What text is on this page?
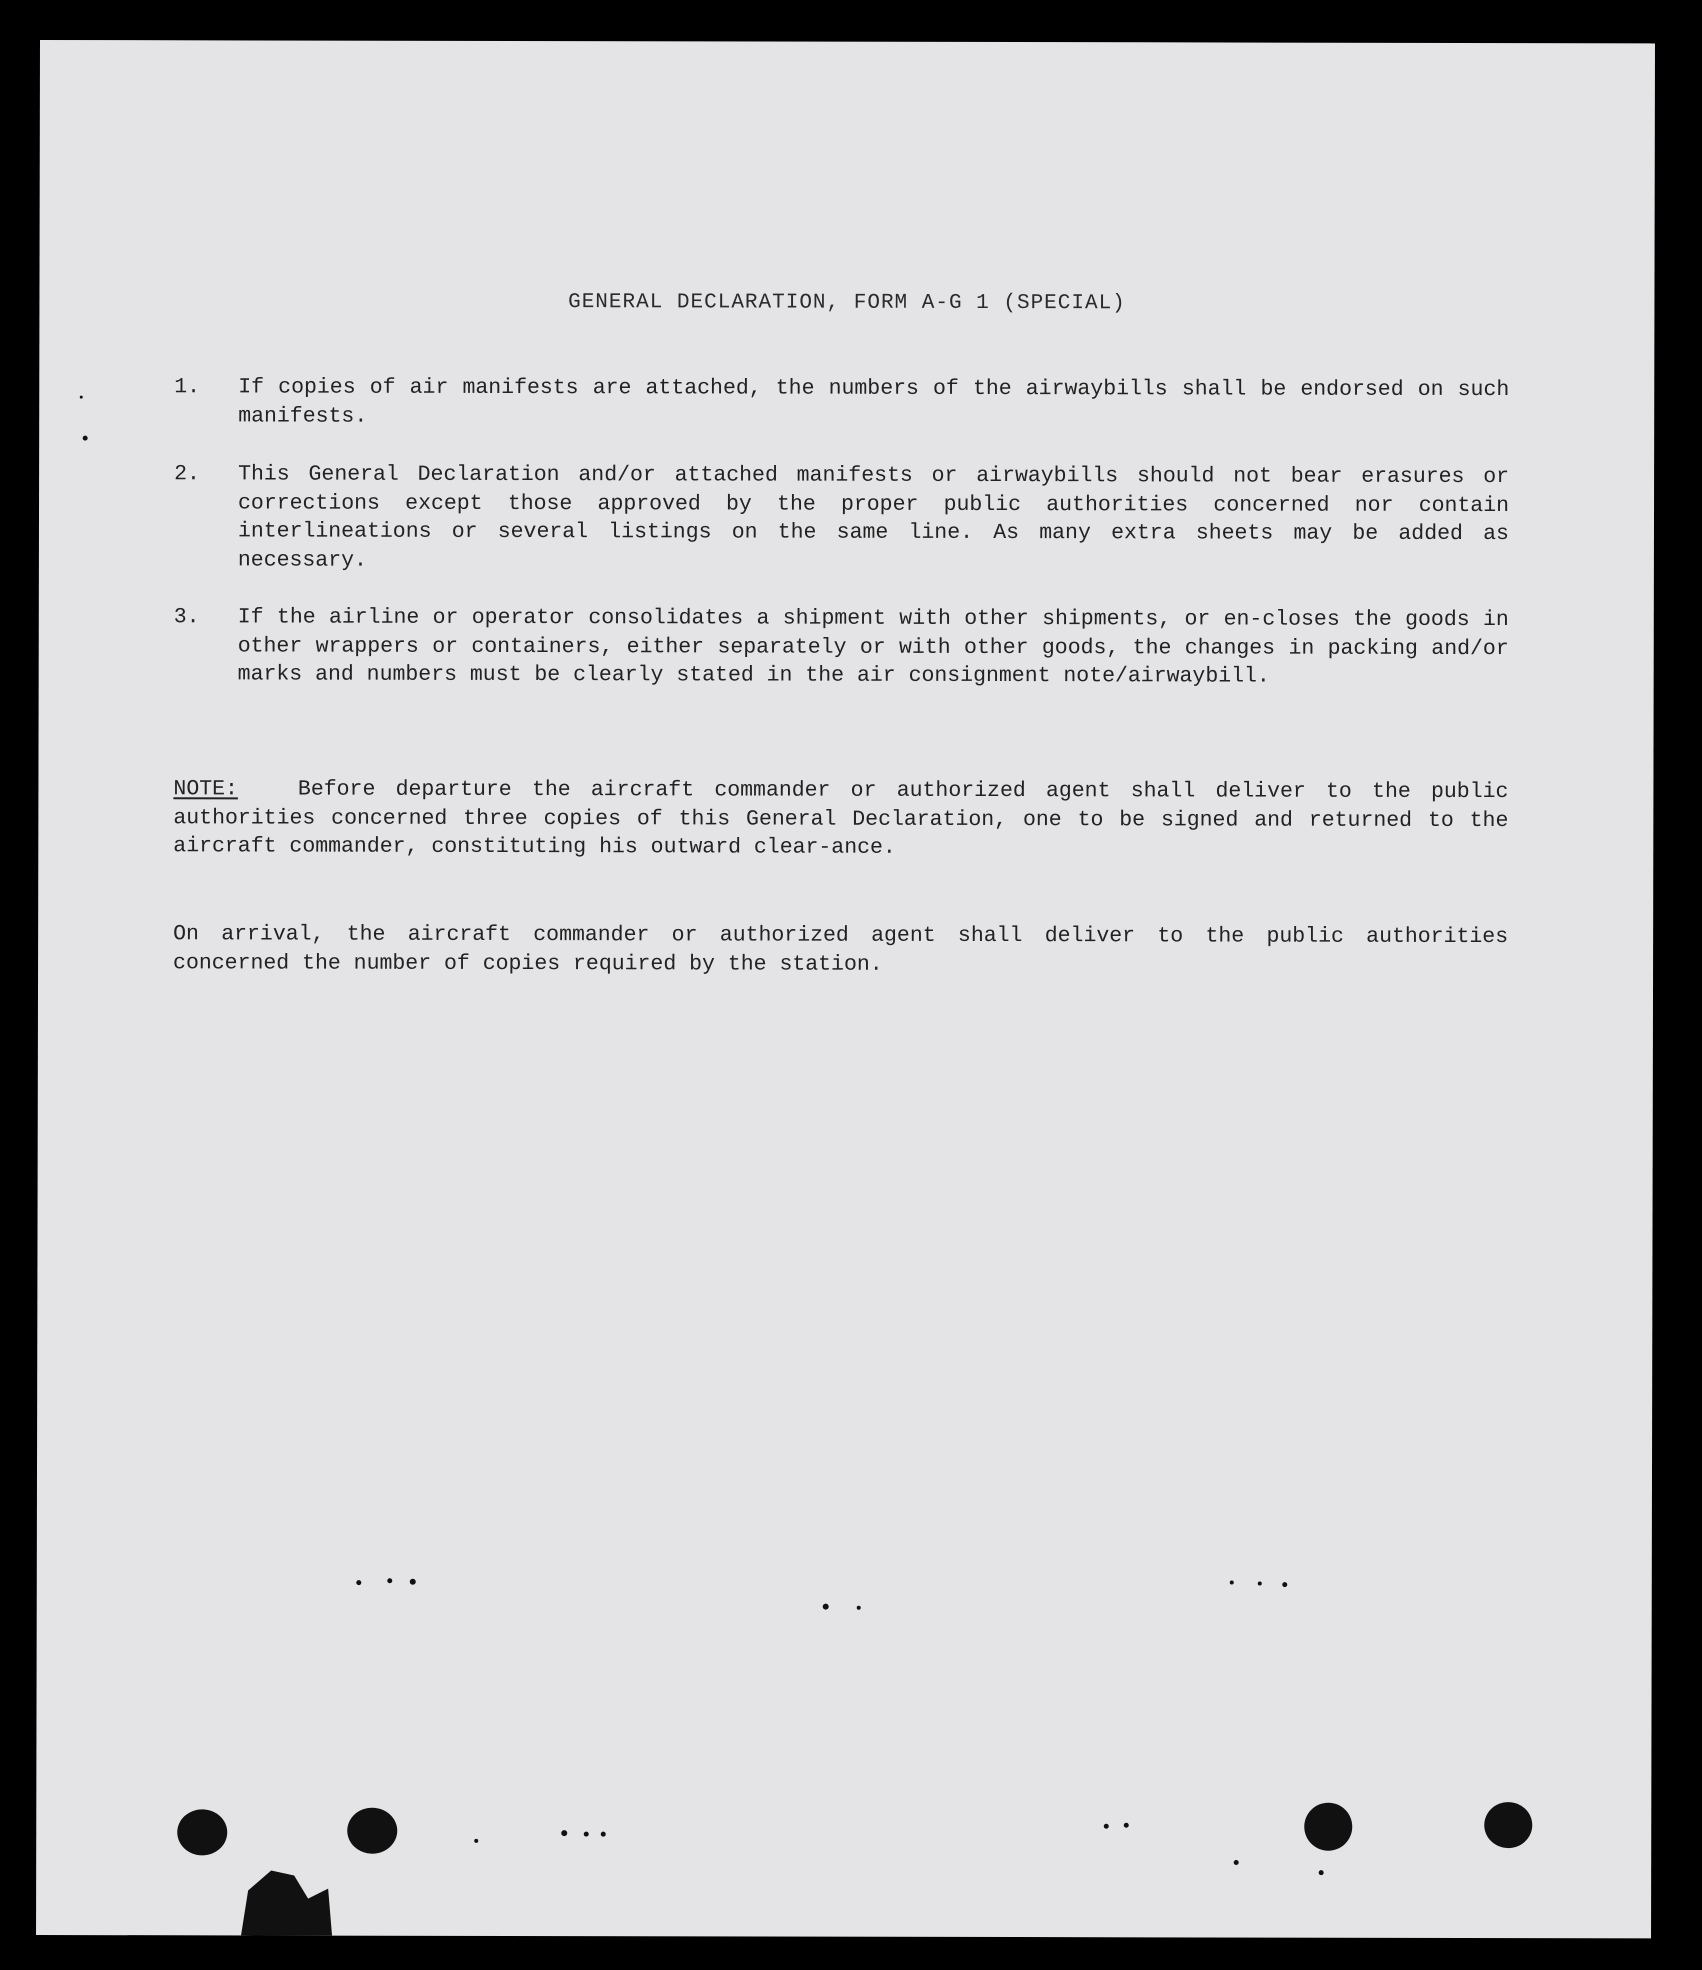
GENERAL DECLARATION, FORM A-G 1 (SPECIAL)
1.	If copies of air manifests are attached, the numbers of the airwaybills shall be endorsed on such manifests.
2.	This General Declaration and/or attached manifests or airwaybills should not bear erasures or corrections except those approved by the proper public authorities concerned nor contain interlineations or several listings on the same line. As many extra sheets may be added as necessary.
3.	If the airline or operator consolidates a shipment with other shipments, or en-closes the goods in other wrappers or containers, either separately or with other goods, the changes in packing and/or marks and numbers must be clearly stated in the air consignment note/airwaybill.
NOTE:	Before departure the aircraft commander or authorized agent shall deliver to the public authorities concerned three copies of this General Declaration, one to be signed and returned to the aircraft commander, constituting his outward clear-ance.
On arrival, the aircraft commander or authorized agent shall deliver to the public authorities concerned the number of copies required by the station.
